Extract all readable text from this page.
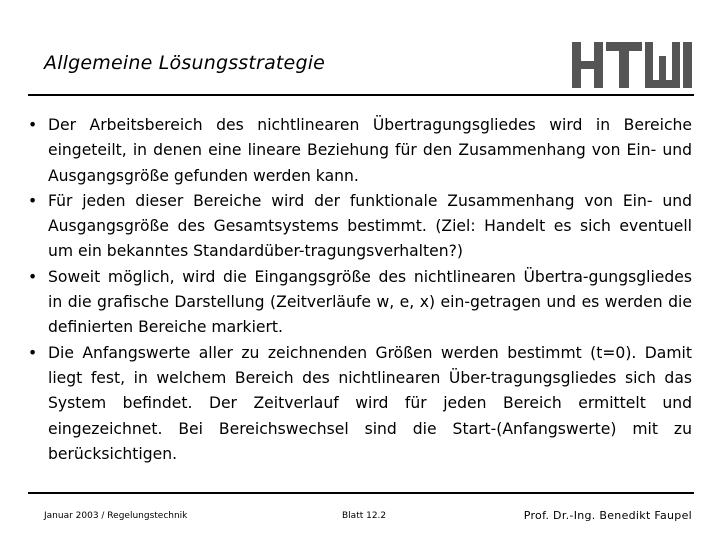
Allgemeine Lösungsstrategie
• Der Arbeitsbereich des nichtlinearen Übertragungsgliedes wird in Bereiche eingeteilt, in denen eine lineare Beziehung für den Zusammenhang von Ein- und Ausgangsgröße gefunden werden kann.
• Für jeden dieser Bereiche wird der funktionale Zusammenhang von Ein- und Ausgangsgröße des Gesamtsystems bestimmt. (Ziel: Handelt es sich eventuell um ein bekanntes Standardüber-tragungsverhalten?)
• Soweit möglich, wird die Eingangsgröße des nichtlinearen Übertra-gungsgliedes in die grafische Darstellung (Zeitverläufe w, e, x) ein-getragen und es werden die definierten Bereiche markiert.
• Die Anfangswerte aller zu zeichnenden Größen werden bestimmt (t=0). Damit liegt fest, in welchem Bereich des nichtlinearen Über-tragungsgliedes sich das System befindet. Der Zeitverlauf wird für jeden Bereich ermittelt und eingezeichnet. Bei Bereichswechsel sind die Start-(Anfangswerte) mit zu berücksichtigen.
Januar 2003 / Regelungstechnik	Blatt 12.2	Prof. Dr.-Ing. Benedikt Faupel
